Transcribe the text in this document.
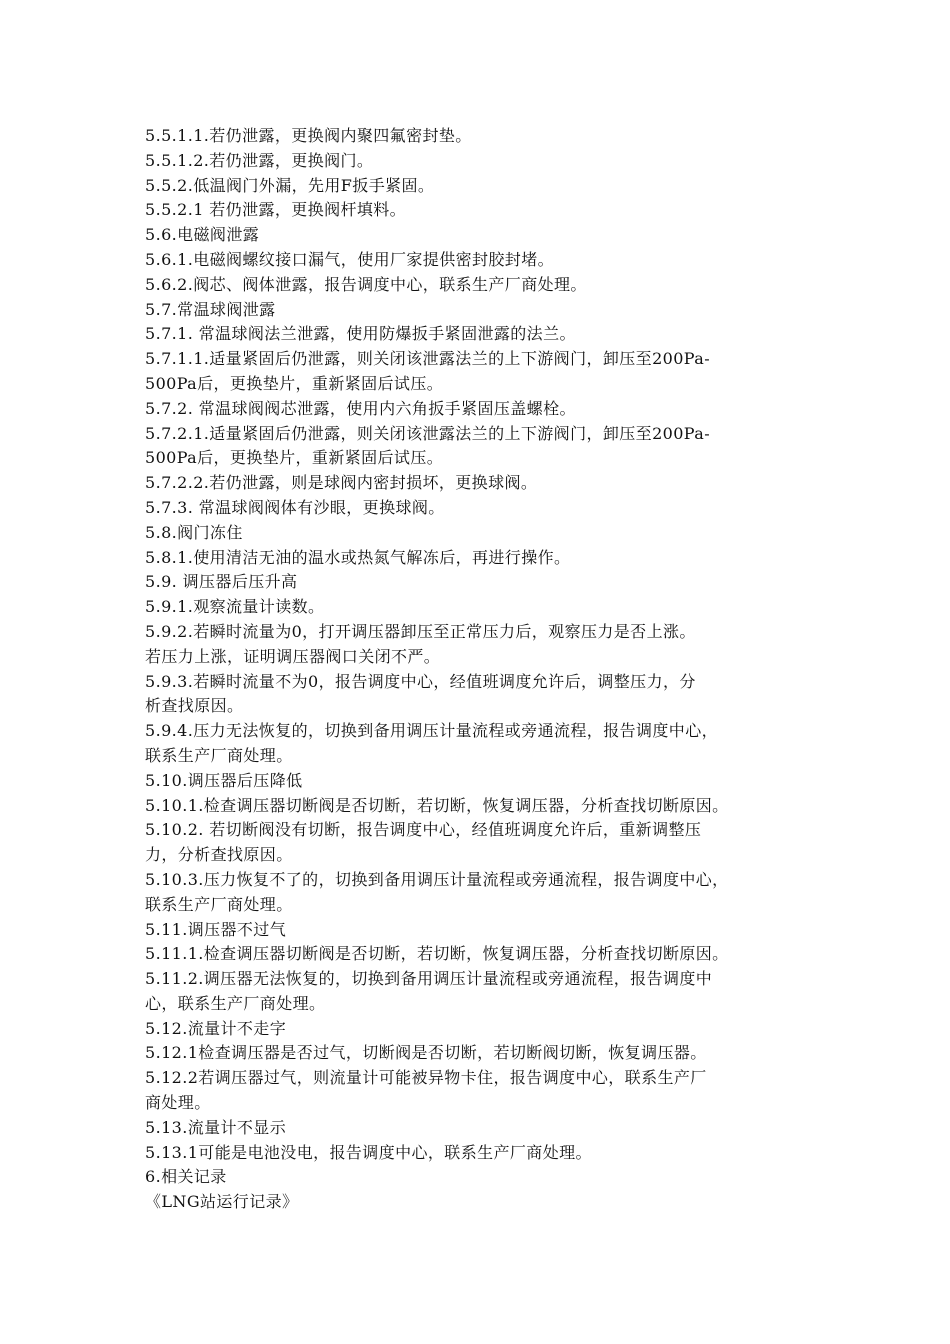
5.5.1.1.若仍泄露，更换阀内聚四氟密封垫。
5.5.1.2.若仍泄露，更换阀门。
5.5.2.低温阀门外漏，先用F扳手紧固。
5.5.2.1 若仍泄露，更换阀杆填料。
5.6.电磁阀泄露
5.6.1.电磁阀螺纹接口漏气，使用厂家提供密封胶封堵。
5.6.2.阀芯、阀体泄露，报告调度中心，联系生产厂商处理。
5.7.常温球阀泄露
5.7.1. 常温球阀法兰泄露，使用防爆扳手紧固泄露的法兰。
5.7.1.1.适量紧固后仍泄露，则关闭该泄露法兰的上下游阀门，卸压至200Pa-
500Pa后，更换垫片，重新紧固后试压。
5.7.2. 常温球阀阀芯泄露，使用内六角扳手紧固压盖螺栓。
5.7.2.1.适量紧固后仍泄露，则关闭该泄露法兰的上下游阀门，卸压至200Pa-
500Pa后，更换垫片，重新紧固后试压。
5.7.2.2.若仍泄露，则是球阀内密封损坏，更换球阀。
5.7.3. 常温球阀阀体有沙眼，更换球阀。
5.8.阀门冻住
5.8.1.使用清洁无油的温水或热氮气解冻后，再进行操作。
5.9. 调压器后压升高
5.9.1.观察流量计读数。
5.9.2.若瞬时流量为0，打开调压器卸压至正常压力后，观察压力是否上涨。
若压力上涨，证明调压器阀口关闭不严。
5.9.3.若瞬时流量不为0，报告调度中心，经值班调度允许后，调整压力，分
析查找原因。
5.9.4.压力无法恢复的，切换到备用调压计量流程或旁通流程，报告调度中心，
联系生产厂商处理。
5.10.调压器后压降低
5.10.1.检查调压器切断阀是否切断，若切断，恢复调压器，分析查找切断原因。
5.10.2. 若切断阀没有切断，报告调度中心，经值班调度允许后，重新调整压
力，分析查找原因。
5.10.3.压力恢复不了的，切换到备用调压计量流程或旁通流程，报告调度中心，
联系生产厂商处理。
5.11.调压器不过气
5.11.1.检查调压器切断阀是否切断，若切断，恢复调压器，分析查找切断原因。
5.11.2.调压器无法恢复的，切换到备用调压计量流程或旁通流程，报告调度中
心，联系生产厂商处理。
5.12.流量计不走字
5.12.1检查调压器是否过气，切断阀是否切断，若切断阀切断，恢复调压器。
5.12.2若调压器过气，则流量计可能被异物卡住，报告调度中心，联系生产厂
商处理。
5.13.流量计不显示
5.13.1可能是电池没电，报告调度中心，联系生产厂商处理。
6.相关记录
《LNG站运行记录》
